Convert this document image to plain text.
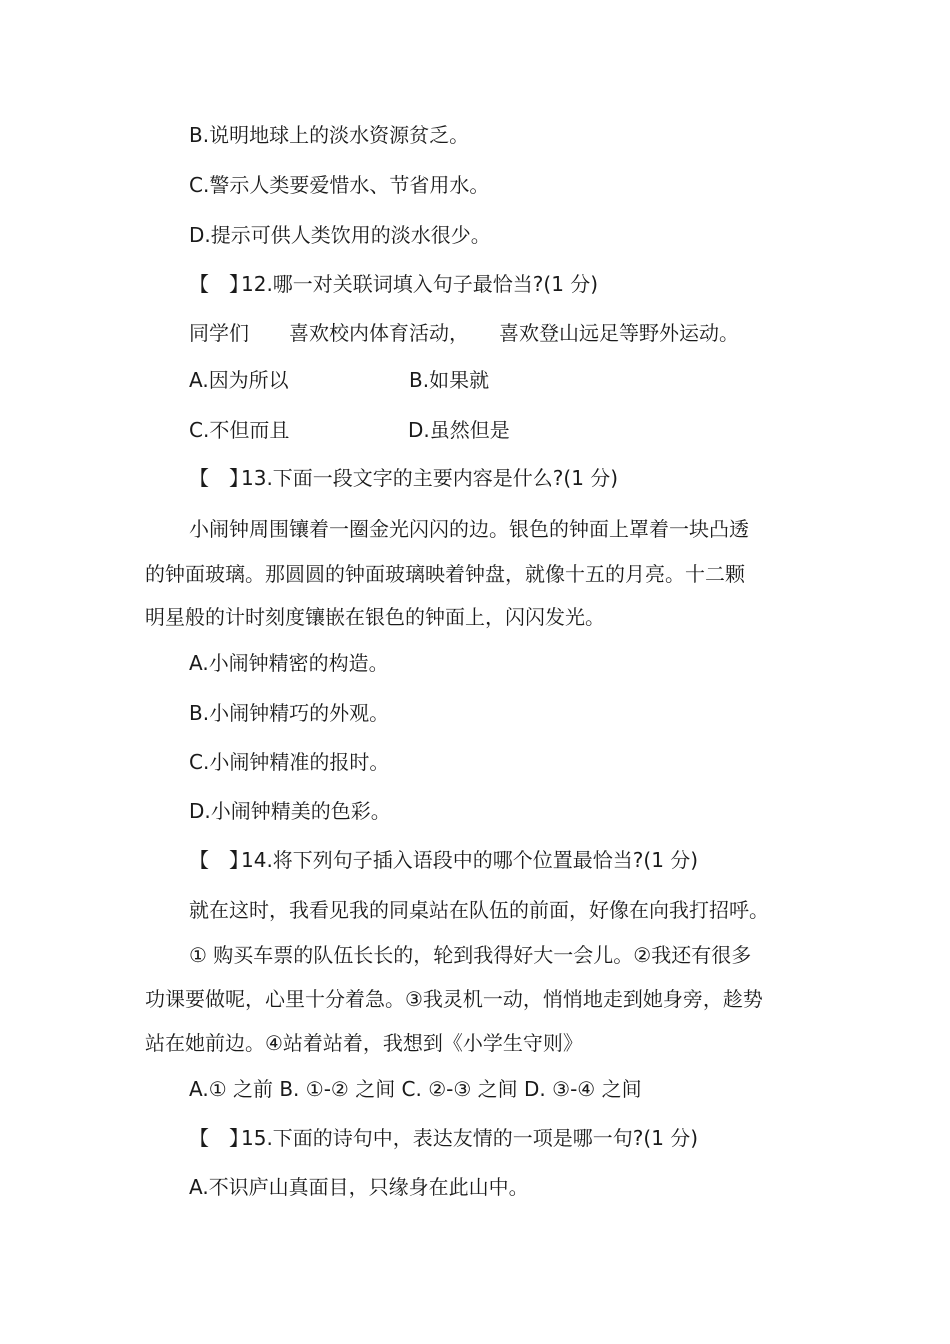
B.说明地球上的淡水资源贫乏。
C.警示人类要爱惜水、节省用水。
D.提示可供人类饮用的淡水很少。
【　】12.哪一对关联词填入句子最恰当?(1 分)
同学们　　喜欢校内体育活动，　　喜欢登山远足等野外运动。
A.因为所以	B.如果就
C.不但而且	D.虽然但是
【　】13.下面一段文字的主要内容是什么?(1 分)
小闹钟周围镶着一圈金光闪闪的边。银色的钟面上罩着一块凸透
的钟面玻璃。那圆圆的钟面玻璃映着钟盘，就像十五的月亮。十二颗
明星般的计时刻度镶嵌在银色的钟面上，闪闪发光。
A.小闹钟精密的构造。
B.小闹钟精巧的外观。
C.小闹钟精准的报时。
D.小闹钟精美的色彩。
【　】14.将下列句子插入语段中的哪个位置最恰当?(1 分)
就在这时，我看见我的同桌站在队伍的前面，好像在向我打招呼。
① 购买车票的队伍长长的，轮到我得好大一会儿。②我还有很多
功课要做呢，心里十分着急。③我灵机一动，悄悄地走到她身旁，趁势
站在她前边。④站着站着，我想到《小学生守则》
A.① 之前 B. ①-② 之间 C. ②-③ 之间 D. ③-④ 之间
【　】15.下面的诗句中，表达友情的一项是哪一句?(1 分)
A.不识庐山真面目，只缘身在此山中。
